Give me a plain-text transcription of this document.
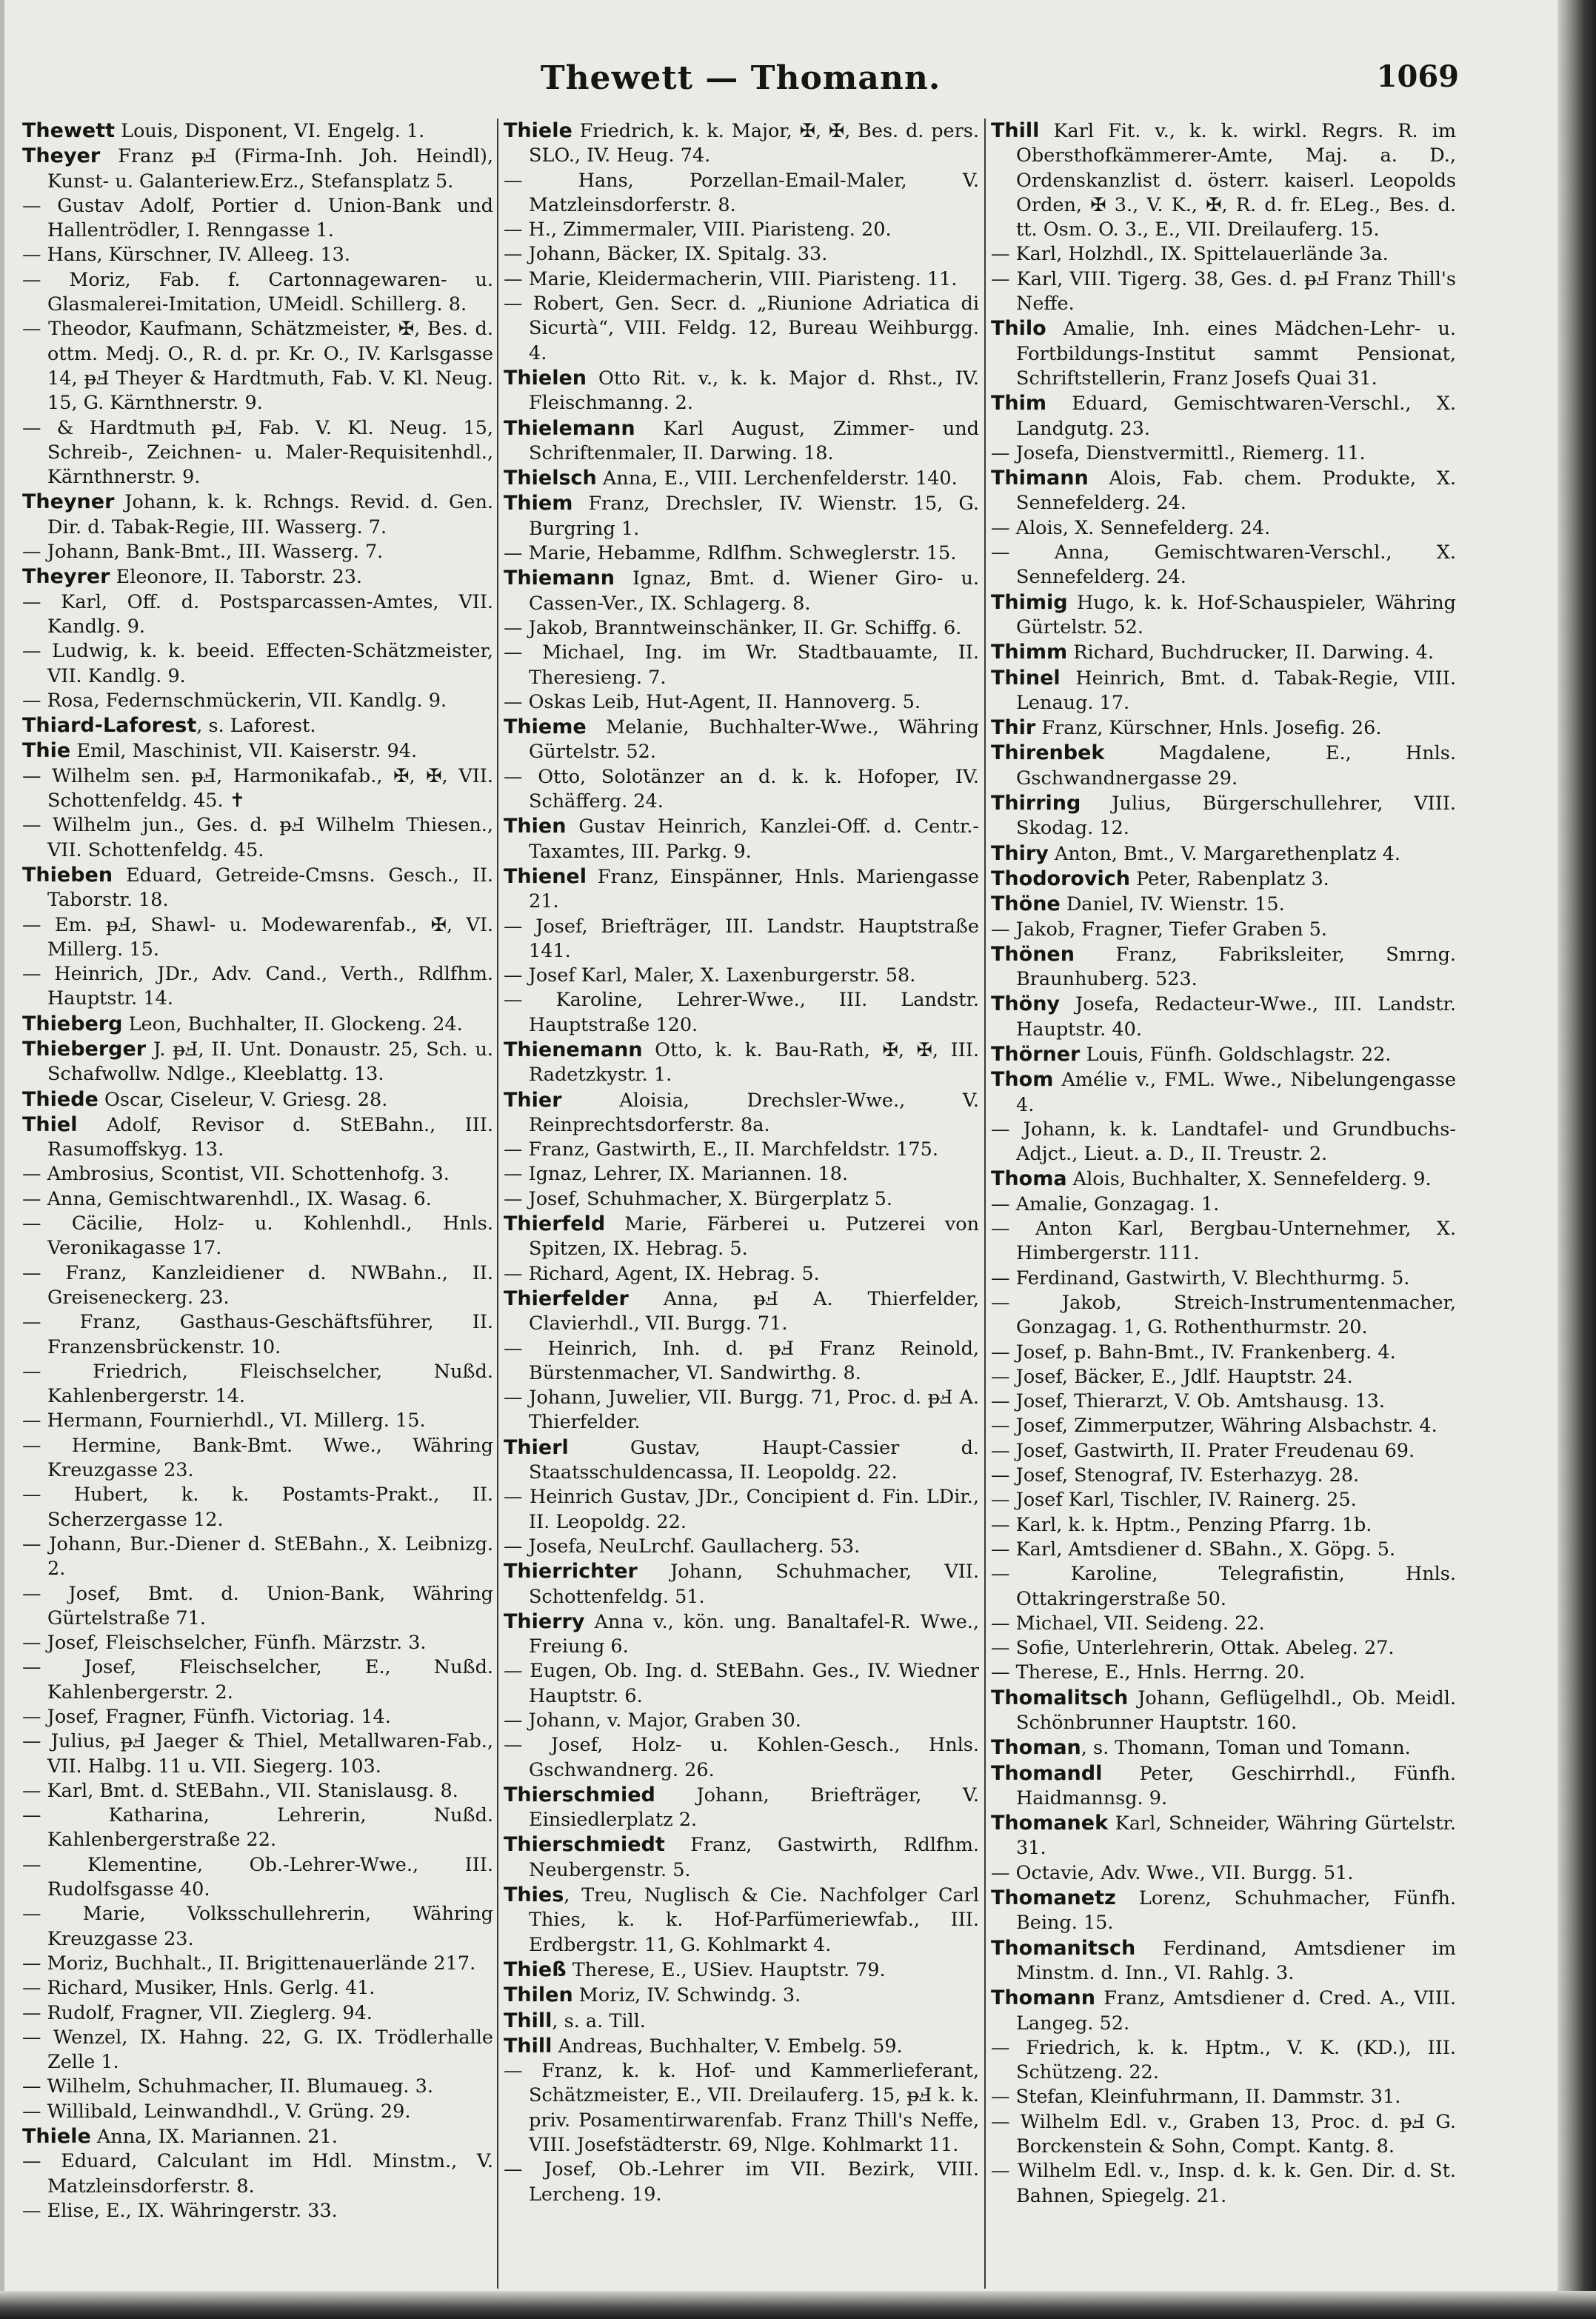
Thewett — Thomann.	1069

Thewett Louis, Disponent, VI. Engelg. 1.

Theyer Franz ᵽℲ (Firma-Inh. Joh. Heindl), Kunst- u. Galanteriew.Erz., Stefansplatz 5.

— Gustav Adolf, Portier d. Union-Bank und Hallentrödler, I. Renngasse 1.

— Hans, Kürschner, IV. Alleeg. 13.

— Moriz, Fab. f. Cartonnagewaren- u. Glasmalerei-Imitation, UMeidl. Schillerg. 8.

— Theodor, Kaufmann, Schätzmeister, ✠, Bes. d. ottm. Medj. O., R. d. pr. Kr. O., IV. Karlsgasse 14, ᵽℲ Theyer & Hardtmuth, Fab. V. Kl. Neug. 15, G. Kärnthnerstr. 9.

— & Hardtmuth ᵽℲ, Fab. V. Kl. Neug. 15, Schreib-, Zeichnen- u. Maler-Requisitenhdl., Kärnthnerstr. 9.

Theyner Johann, k. k. Rchngs. Revid. d. Gen. Dir. d. Tabak-Regie, III. Wasserg. 7.

— Johann, Bank-Bmt., III. Wasserg. 7.

Theyrer Eleonore, II. Taborstr. 23.

— Karl, Off. d. Postsparcassen-Amtes, VII. Kandlg. 9.

— Ludwig, k. k. beeid. Effecten-Schätzmeister, VII. Kandlg. 9.

— Rosa, Federnschmückerin, VII. Kandlg. 9.

Thiard-Laforest, s. Laforest.

Thie Emil, Maschinist, VII. Kaiserstr. 94.

— Wilhelm sen. ᵽℲ, Harmonikafab., ✠, ✠, VII. Schottenfeldg. 45. ✝

— Wilhelm jun., Ges. d. ᵽℲ Wilhelm Thiesen., VII. Schottenfeldg. 45.

Thieben Eduard, Getreide-Cmsns. Gesch., II. Taborstr. 18.

— Em. ᵽℲ, Shawl- u. Modewarenfab., ✠, VI. Millerg. 15.

— Heinrich, JDr., Adv. Cand., Verth., Rdlfhm. Hauptstr. 14.

Thieberg Leon, Buchhalter, II. Glockeng. 24.

Thieberger J. ᵽℲ, II. Unt. Donaustr. 25, Sch. u. Schafwollw. Ndlge., Kleeblattg. 13.

Thiede Oscar, Ciseleur, V. Griesg. 28.

Thiel Adolf, Revisor d. StEBahn., III. Rasumoffskyg. 13.

— Ambrosius, Scontist, VII. Schottenhofg. 3.

— Anna, Gemischtwarenhdl., IX. Wasag. 6.

— Cäcilie, Holz- u. Kohlenhdl., Hnls. Veronikagasse 17.

— Franz, Kanzleidiener d. NWBahn., II. Greiseneckerg. 23.

— Franz, Gasthaus-Geschäftsführer, II. Franzensbrückenstr. 10.

— Friedrich, Fleischselcher, Nußd. Kahlenbergerstr. 14.

— Hermann, Fournierhdl., VI. Millerg. 15.

— Hermine, Bank-Bmt. Wwe., Währing Kreuzgasse 23.

— Hubert, k. k. Postamts-Prakt., II. Scherzergasse 12.

— Johann, Bur.-Diener d. StEBahn., X. Leibnizg. 2.

— Josef, Bmt. d. Union-Bank, Währing Gürtelstraße 71.

— Josef, Fleischselcher, Fünfh. Märzstr. 3.

— Josef, Fleischselcher, E., Nußd. Kahlenbergerstr. 2.

— Josef, Fragner, Fünfh. Victoriag. 14.

— Julius, ᵽℲ Jaeger & Thiel, Metallwaren-Fab., VII. Halbg. 11 u. VII. Siegerg. 103.

— Karl, Bmt. d. StEBahn., VII. Stanislausg. 8.

— Katharina, Lehrerin, Nußd. Kahlenbergerstraße 22.

— Klementine, Ob.-Lehrer-Wwe., III. Rudolfsgasse 40.

— Marie, Volksschullehrerin, Währing Kreuzgasse 23.

— Moriz, Buchhalt., II. Brigittenauerlände 217.

— Richard, Musiker, Hnls. Gerlg. 41.

— Rudolf, Fragner, VII. Zieglerg. 94.

— Wenzel, IX. Hahng. 22, G. IX. Trödlerhalle Zelle 1.

— Wilhelm, Schuhmacher, II. Blumaueg. 3.

— Willibald, Leinwandhdl., V. Grüng. 29.

Thiele Anna, IX. Mariannen. 21.

— Eduard, Calculant im Hdl. Minstm., V. Matzleinsdorferstr. 8.

— Elise, E., IX. Währingerstr. 33.

Thiele Friedrich, k. k. Major, ✠, ✠, Bes. d. pers. SLO., IV. Heug. 74.

— Hans, Porzellan-Email-Maler, V. Matzleinsdorferstr. 8.

— H., Zimmermaler, VIII. Piaristeng. 20.

— Johann, Bäcker, IX. Spitalg. 33.

— Marie, Kleidermacherin, VIII. Piaristeng. 11.

— Robert, Gen. Secr. d. „Riunione Adriatica di Sicurtà“, VIII. Feldg. 12, Bureau Weihburgg. 4.

Thielen Otto Rit. v., k. k. Major d. Rhst., IV. Fleischmanng. 2.

Thielemann Karl August, Zimmer- und Schriftenmaler, II. Darwing. 18.

Thielsch Anna, E., VIII. Lerchenfelderstr. 140.

Thiem Franz, Drechsler, IV. Wienstr. 15, G. Burgring 1.

— Marie, Hebamme, Rdlfhm. Schweglerstr. 15.

Thiemann Ignaz, Bmt. d. Wiener Giro- u. Cassen-Ver., IX. Schlagerg. 8.

— Jakob, Branntweinschänker, II. Gr. Schiffg. 6.

— Michael, Ing. im Wr. Stadtbauamte, II. Theresieng. 7.

— Oskas Leib, Hut-Agent, II. Hannoverg. 5.

Thieme Melanie, Buchhalter-Wwe., Währing Gürtelstr. 52.

— Otto, Solotänzer an d. k. k. Hofoper, IV. Schäfferg. 24.

Thien Gustav Heinrich, Kanzlei-Off. d. Centr.-Taxamtes, III. Parkg. 9.

Thienel Franz, Einspänner, Hnls. Mariengasse 21.

— Josef, Briefträger, III. Landstr. Hauptstraße 141.

— Josef Karl, Maler, X. Laxenburgerstr. 58.

— Karoline, Lehrer-Wwe., III. Landstr. Hauptstraße 120.

Thienemann Otto, k. k. Bau-Rath, ✠, ✠, III. Radetzkystr. 1.

Thier Aloisia, Drechsler-Wwe., V. Reinprechtsdorferstr. 8a.

— Franz, Gastwirth, E., II. Marchfeldstr. 175.

— Ignaz, Lehrer, IX. Mariannen. 18.

— Josef, Schuhmacher, X. Bürgerplatz 5.

Thierfeld Marie, Färberei u. Putzerei von Spitzen, IX. Hebrag. 5.

— Richard, Agent, IX. Hebrag. 5.

Thierfelder Anna, ᵽℲ A. Thierfelder, Clavierhdl., VII. Burgg. 71.

— Heinrich, Inh. d. ᵽℲ Franz Reinold, Bürstenmacher, VI. Sandwirthg. 8.

— Johann, Juwelier, VII. Burgg. 71, Proc. d. ᵽℲ A. Thierfelder.

Thierl Gustav, Haupt-Cassier d. Staatsschuldencassa, II. Leopoldg. 22.

— Heinrich Gustav, JDr., Concipient d. Fin. LDir., II. Leopoldg. 22.

— Josefa, NeuLrchf. Gaullacherg. 53.

Thierrichter Johann, Schuhmacher, VII. Schottenfeldg. 51.

Thierry Anna v., kön. ung. Banaltafel-R. Wwe., Freiung 6.

— Eugen, Ob. Ing. d. StEBahn. Ges., IV. Wiedner Hauptstr. 6.

— Johann, v. Major, Graben 30.

— Josef, Holz- u. Kohlen-Gesch., Hnls. Gschwandnerg. 26.

Thierschmied Johann, Briefträger, V. Einsiedlerplatz 2.

Thierschmiedt Franz, Gastwirth, Rdlfhm. Neubergenstr. 5.

Thies, Treu, Nuglisch & Cie. Nachfolger Carl Thies, k. k. Hof-Parfümeriewfab., III. Erdbergstr. 11, G. Kohlmarkt 4.

Thieß Therese, E., USiev. Hauptstr. 79.

Thilen Moriz, IV. Schwindg. 3.

Thill, s. a. Till.

Thill Andreas, Buchhalter, V. Embelg. 59.

— Franz, k. k. Hof- und Kammerlieferant, Schätzmeister, E., VII. Dreilauferg. 15, ᵽℲ k. k. priv. Posamentirwarenfab. Franz Thill's Neffe, VIII. Josefstädterstr. 69, Nlge. Kohlmarkt 11.

— Josef, Ob.-Lehrer im VII. Bezirk, VIII. Lercheng. 19.

Thill Karl Fit. v., k. k. wirkl. Regrs. R. im Obersthofkämmerer-Amte, Maj. a. D., Ordenskanzlist d. österr. kaiserl. Leopolds Orden, ✠ 3., V. K., ✠, R. d. fr. ELeg., Bes. d. tt. Osm. O. 3., E., VII. Dreilauferg. 15.

— Karl, Holzhdl., IX. Spittelauerlände 3a.

— Karl, VIII. Tigerg. 38, Ges. d. ᵽℲ Franz Thill's Neffe.

Thilo Amalie, Inh. eines Mädchen-Lehr- u. Fortbildungs-Institut sammt Pensionat, Schriftstellerin, Franz Josefs Quai 31.

Thim Eduard, Gemischtwaren-Verschl., X. Landgutg. 23.

— Josefa, Dienstvermittl., Riemerg. 11.

Thimann Alois, Fab. chem. Produkte, X. Sennefelderg. 24.

— Alois, X. Sennefelderg. 24.

— Anna, Gemischtwaren-Verschl., X. Sennefelderg. 24.

Thimig Hugo, k. k. Hof-Schauspieler, Währing Gürtelstr. 52.

Thimm Richard, Buchdrucker, II. Darwing. 4.

Thinel Heinrich, Bmt. d. Tabak-Regie, VIII. Lenaug. 17.

Thir Franz, Kürschner, Hnls. Josefig. 26.

Thirenbek Magdalene, E., Hnls. Gschwandnergasse 29.

Thirring Julius, Bürgerschullehrer, VIII. Skodag. 12.

Thiry Anton, Bmt., V. Margarethenplatz 4.

Thodorovich Peter, Rabenplatz 3.

Thöne Daniel, IV. Wienstr. 15.

— Jakob, Fragner, Tiefer Graben 5.

Thönen Franz, Fabriksleiter, Smrng. Braunhuberg. 523.

Thöny Josefa, Redacteur-Wwe., III. Landstr. Hauptstr. 40.

Thörner Louis, Fünfh. Goldschlagstr. 22.

Thom Amélie v., FML. Wwe., Nibelungengasse 4.

— Johann, k. k. Landtafel- und Grundbuchs-Adjct., Lieut. a. D., II. Treustr. 2.

Thoma Alois, Buchhalter, X. Sennefelderg. 9.

— Amalie, Gonzagag. 1.

— Anton Karl, Bergbau-Unternehmer, X. Himbergerstr. 111.

— Ferdinand, Gastwirth, V. Blechthurmg. 5.

— Jakob, Streich-Instrumentenmacher, Gonzagag. 1, G. Rothenthurmstr. 20.

— Josef, p. Bahn-Bmt., IV. Frankenberg. 4.

— Josef, Bäcker, E., Jdlf. Hauptstr. 24.

— Josef, Thierarzt, V. Ob. Amtshausg. 13.

— Josef, Zimmerputzer, Währing Alsbachstr. 4.

— Josef, Gastwirth, II. Prater Freudenau 69.

— Josef, Stenograf, IV. Esterhazyg. 28.

— Josef Karl, Tischler, IV. Rainerg. 25.

— Karl, k. k. Hptm., Penzing Pfarrg. 1b.

— Karl, Amtsdiener d. SBahn., X. Göpg. 5.

— Karoline, Telegrafistin, Hnls. Ottakringerstraße 50.

— Michael, VII. Seideng. 22.

— Sofie, Unterlehrerin, Ottak. Abeleg. 27.

— Therese, E., Hnls. Herrng. 20.

Thomalitsch Johann, Geflügelhdl., Ob. Meidl. Schönbrunner Hauptstr. 160.

Thoman, s. Thomann, Toman und Tomann.

Thomandl Peter, Geschirrhdl., Fünfh. Haidmannsg. 9.

Thomanek Karl, Schneider, Währing Gürtelstr. 31.

— Octavie, Adv. Wwe., VII. Burgg. 51.

Thomanetz Lorenz, Schuhmacher, Fünfh. Being. 15.

Thomanitsch Ferdinand, Amtsdiener im Minstm. d. Inn., VI. Rahlg. 3.

Thomann Franz, Amtsdiener d. Cred. A., VIII. Langeg. 52.

— Friedrich, k. k. Hptm., V. K. (KD.), III. Schützeng. 22.

— Stefan, Kleinfuhrmann, II. Dammstr. 31.

— Wilhelm Edl. v., Graben 13, Proc. d. ᵽℲ G. Borckenstein & Sohn, Compt. Kantg. 8.

— Wilhelm Edl. v., Insp. d. k. k. Gen. Dir. d. St. Bahnen, Spiegelg. 21.
